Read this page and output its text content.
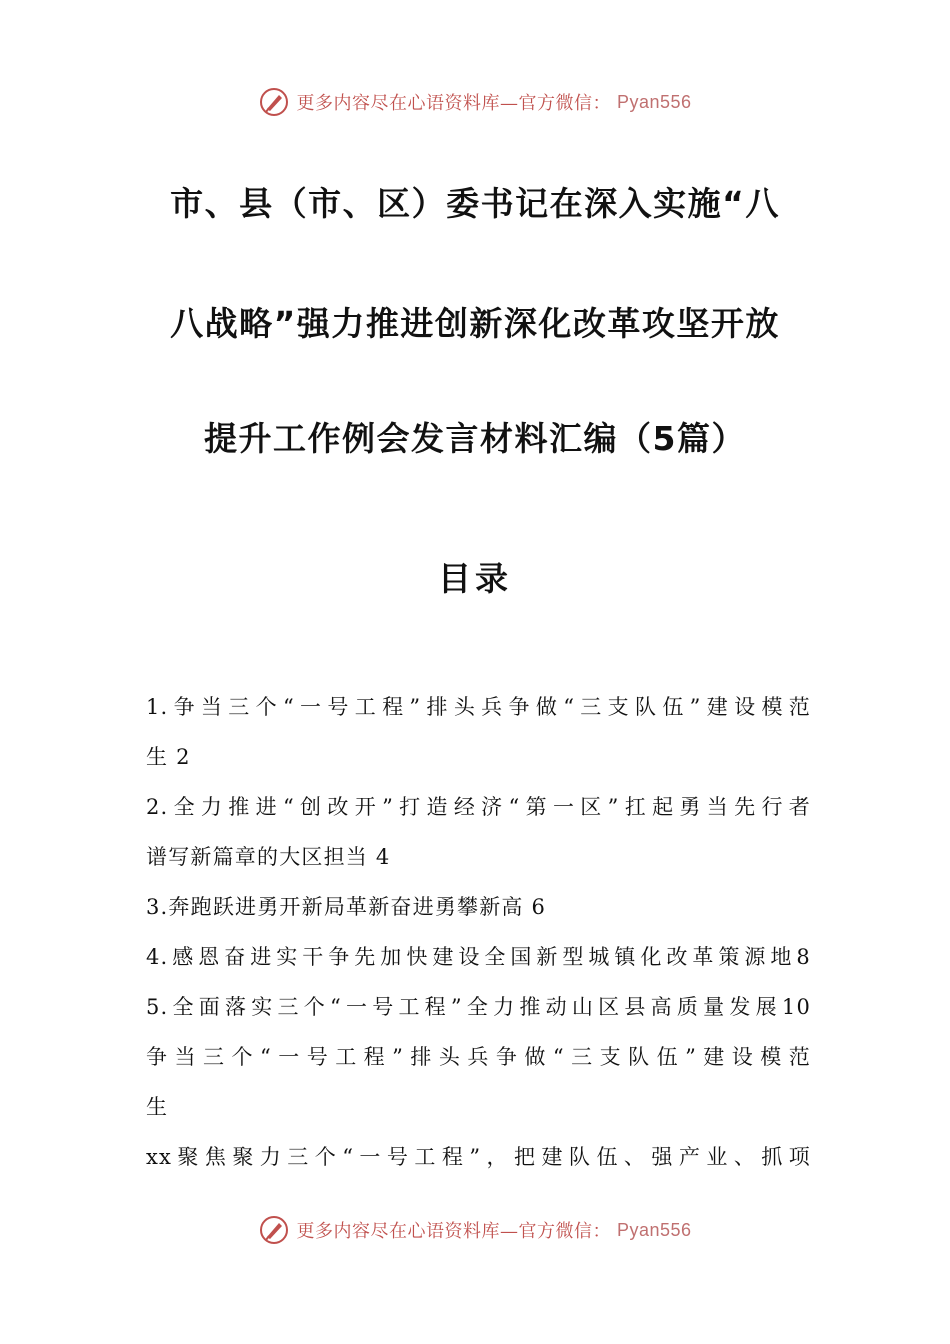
更多内容尽在心语资料库—官方微信： Pyan556
市、县（市、区）委书记在深入实施“八
八战略”强力推进创新深化改革攻坚开放
提升工作例会发言材料汇编（5篇）
目录
1.争当三个“一号工程”排头兵争做“三支队伍”建设模范
生 2
2.全力推进“创改开”打造经济“第一区”扛起勇当先行者
谱写新篇章的大区担当 4
3.奔跑跃进勇开新局革新奋进勇攀新高 6
4.感恩奋进实干争先加快建设全国新型城镇化改革策源地8
5.全面落实三个“一号工程”全力推动山区县高质量发展10
争当三个“一号工程”排头兵争做“三支队伍”建设模范
生
xx聚焦聚力三个“一号工程”，把建队伍、强产业、抓项
更多内容尽在心语资料库—官方微信： Pyan556
